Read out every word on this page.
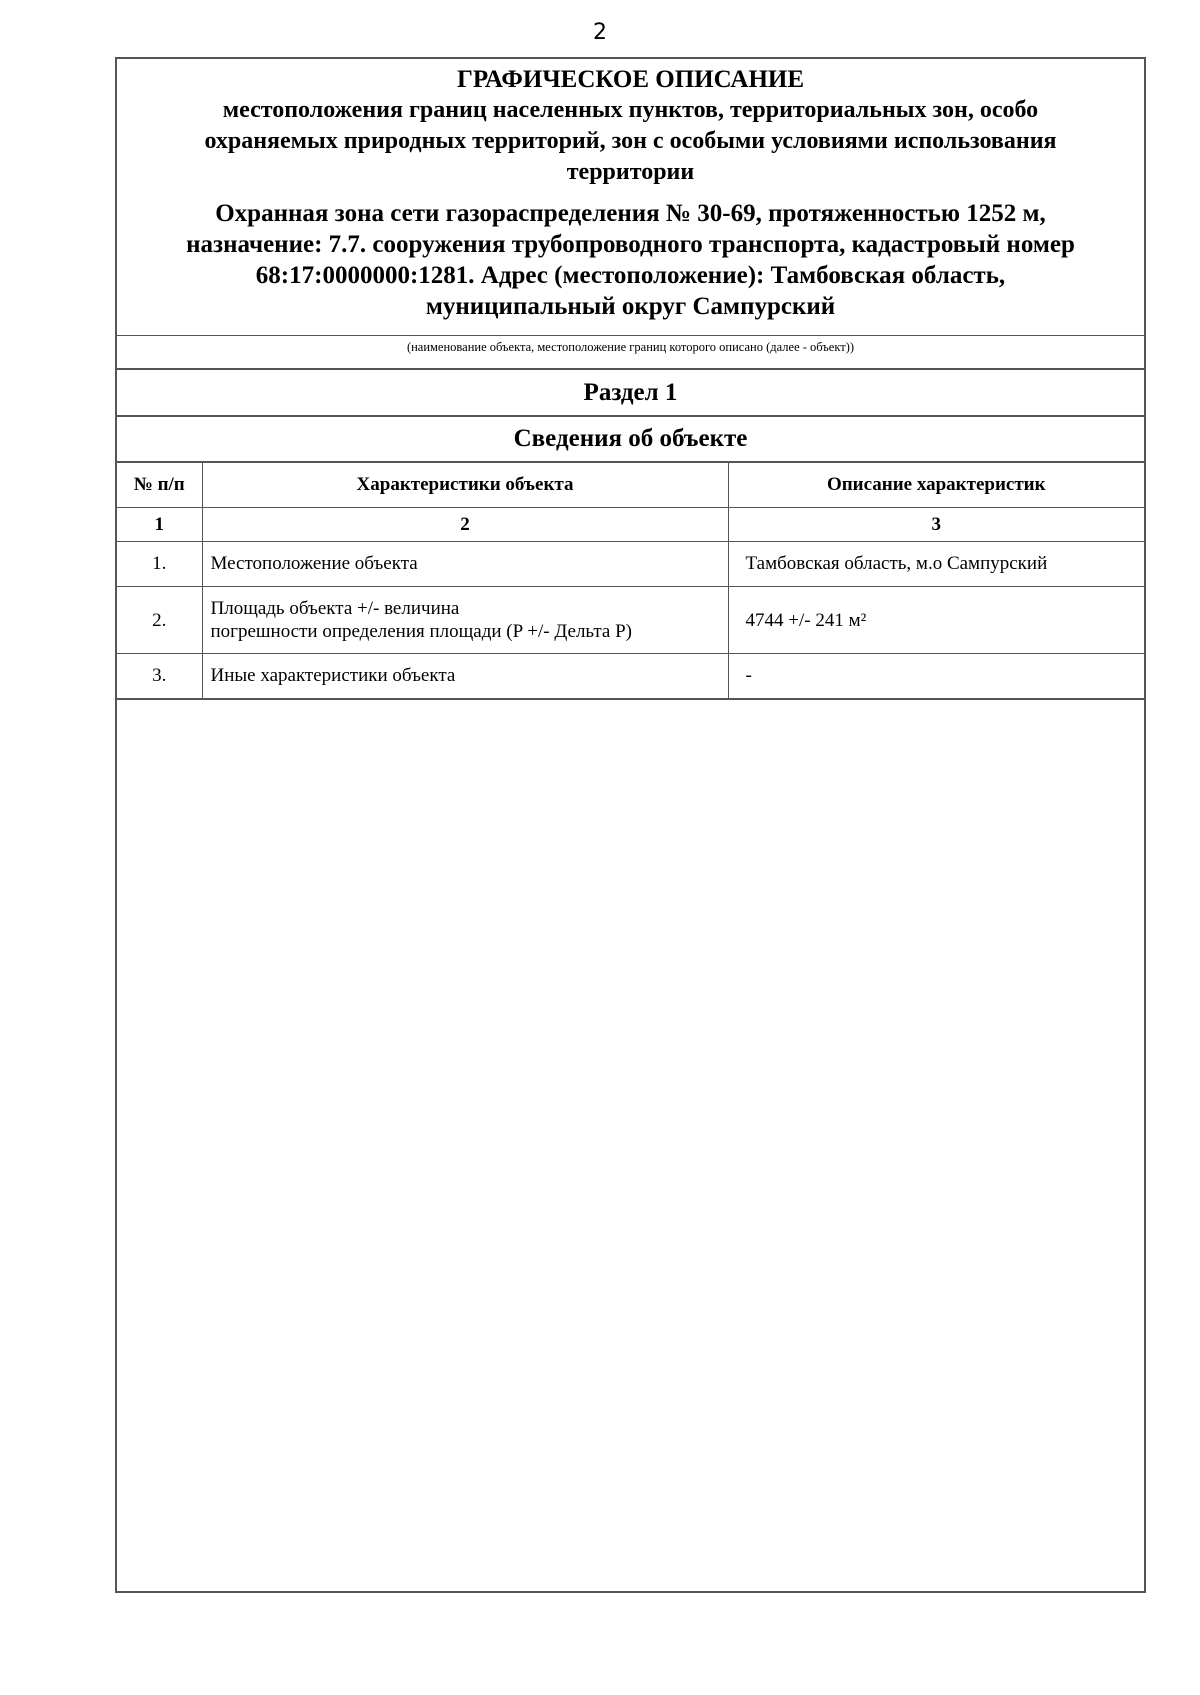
2

ГРАФИЧЕСКОЕ ОПИСАНИЕ

местоположения границ населенных пунктов, территориальных зон, особо
охраняемых природных территорий, зон с особыми условиями использования
территории

Охранная зона сети газораспределения № 30-69, протяженностью 1252 м,
назначение: 7.7. сооружения трубопроводного транспорта, кадастровый номер
68:17:0000000:1281. Адрес (местоположение): Тамбовская область,
муниципальный округ Сампурский

(наименование объекта, местоположение границ которого описано (далее - объект))
Раздел 1
Сведения об объекте
№ п/п	Характеристики объекта	Описание характеристик
1	2	3
1.	Местоположение объекта	Тамбовская область, м.о Сампурский
2.	Площадь объекта +/- величина
погрешности определения площади (P +/- Дельта P)	4744 +/- 241 м²
3.	Иные характеристики объекта	-
